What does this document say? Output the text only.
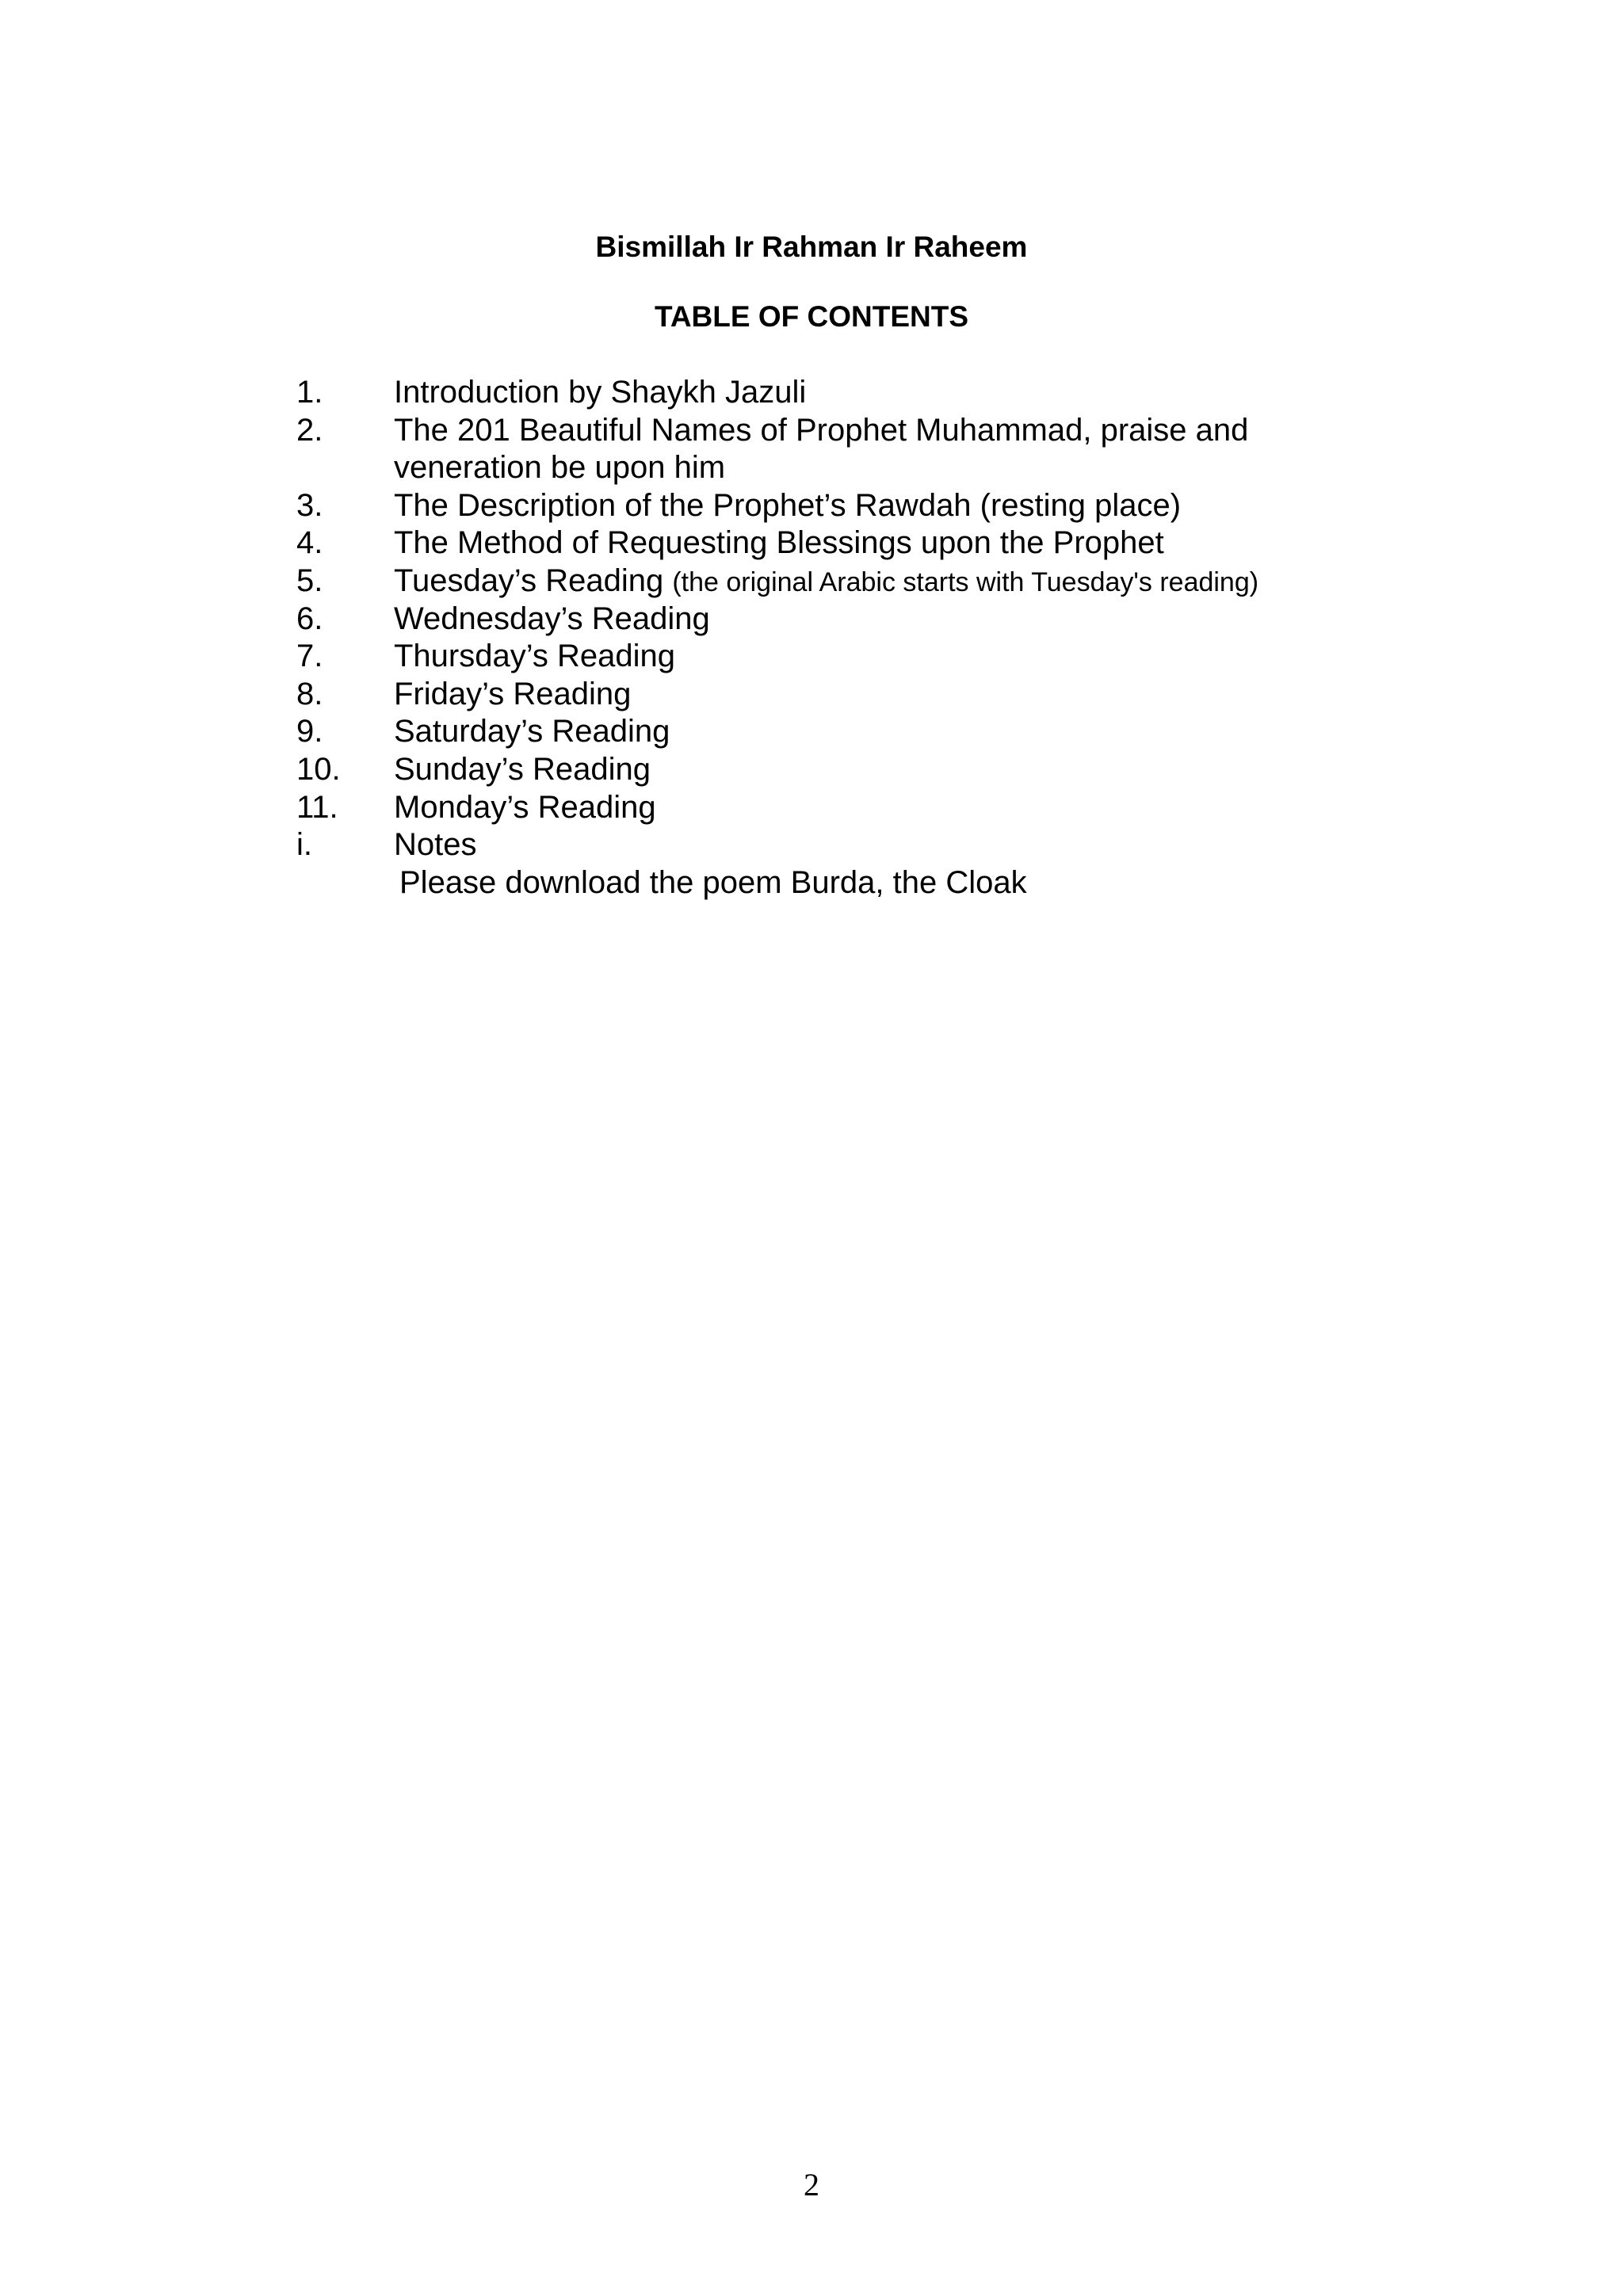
Bismillah Ir Rahman Ir Raheem
TABLE OF CONTENTS
1. Introduction by Shaykh Jazuli
2. The 201 Beautiful Names of Prophet Muhammad, praise and
veneration be upon him
3. The Description of the Prophet’s Rawdah (resting place)
4. The Method of Requesting Blessings upon the Prophet
5. Tuesday’s Reading (the original Arabic starts with Tuesday's reading)
6. Wednesday’s Reading
7. Thursday’s Reading
8. Friday’s Reading
9. Saturday’s Reading
10. Sunday’s Reading
11. Monday’s Reading
i.	Notes
Please download the poem Burda, the Cloak
2
